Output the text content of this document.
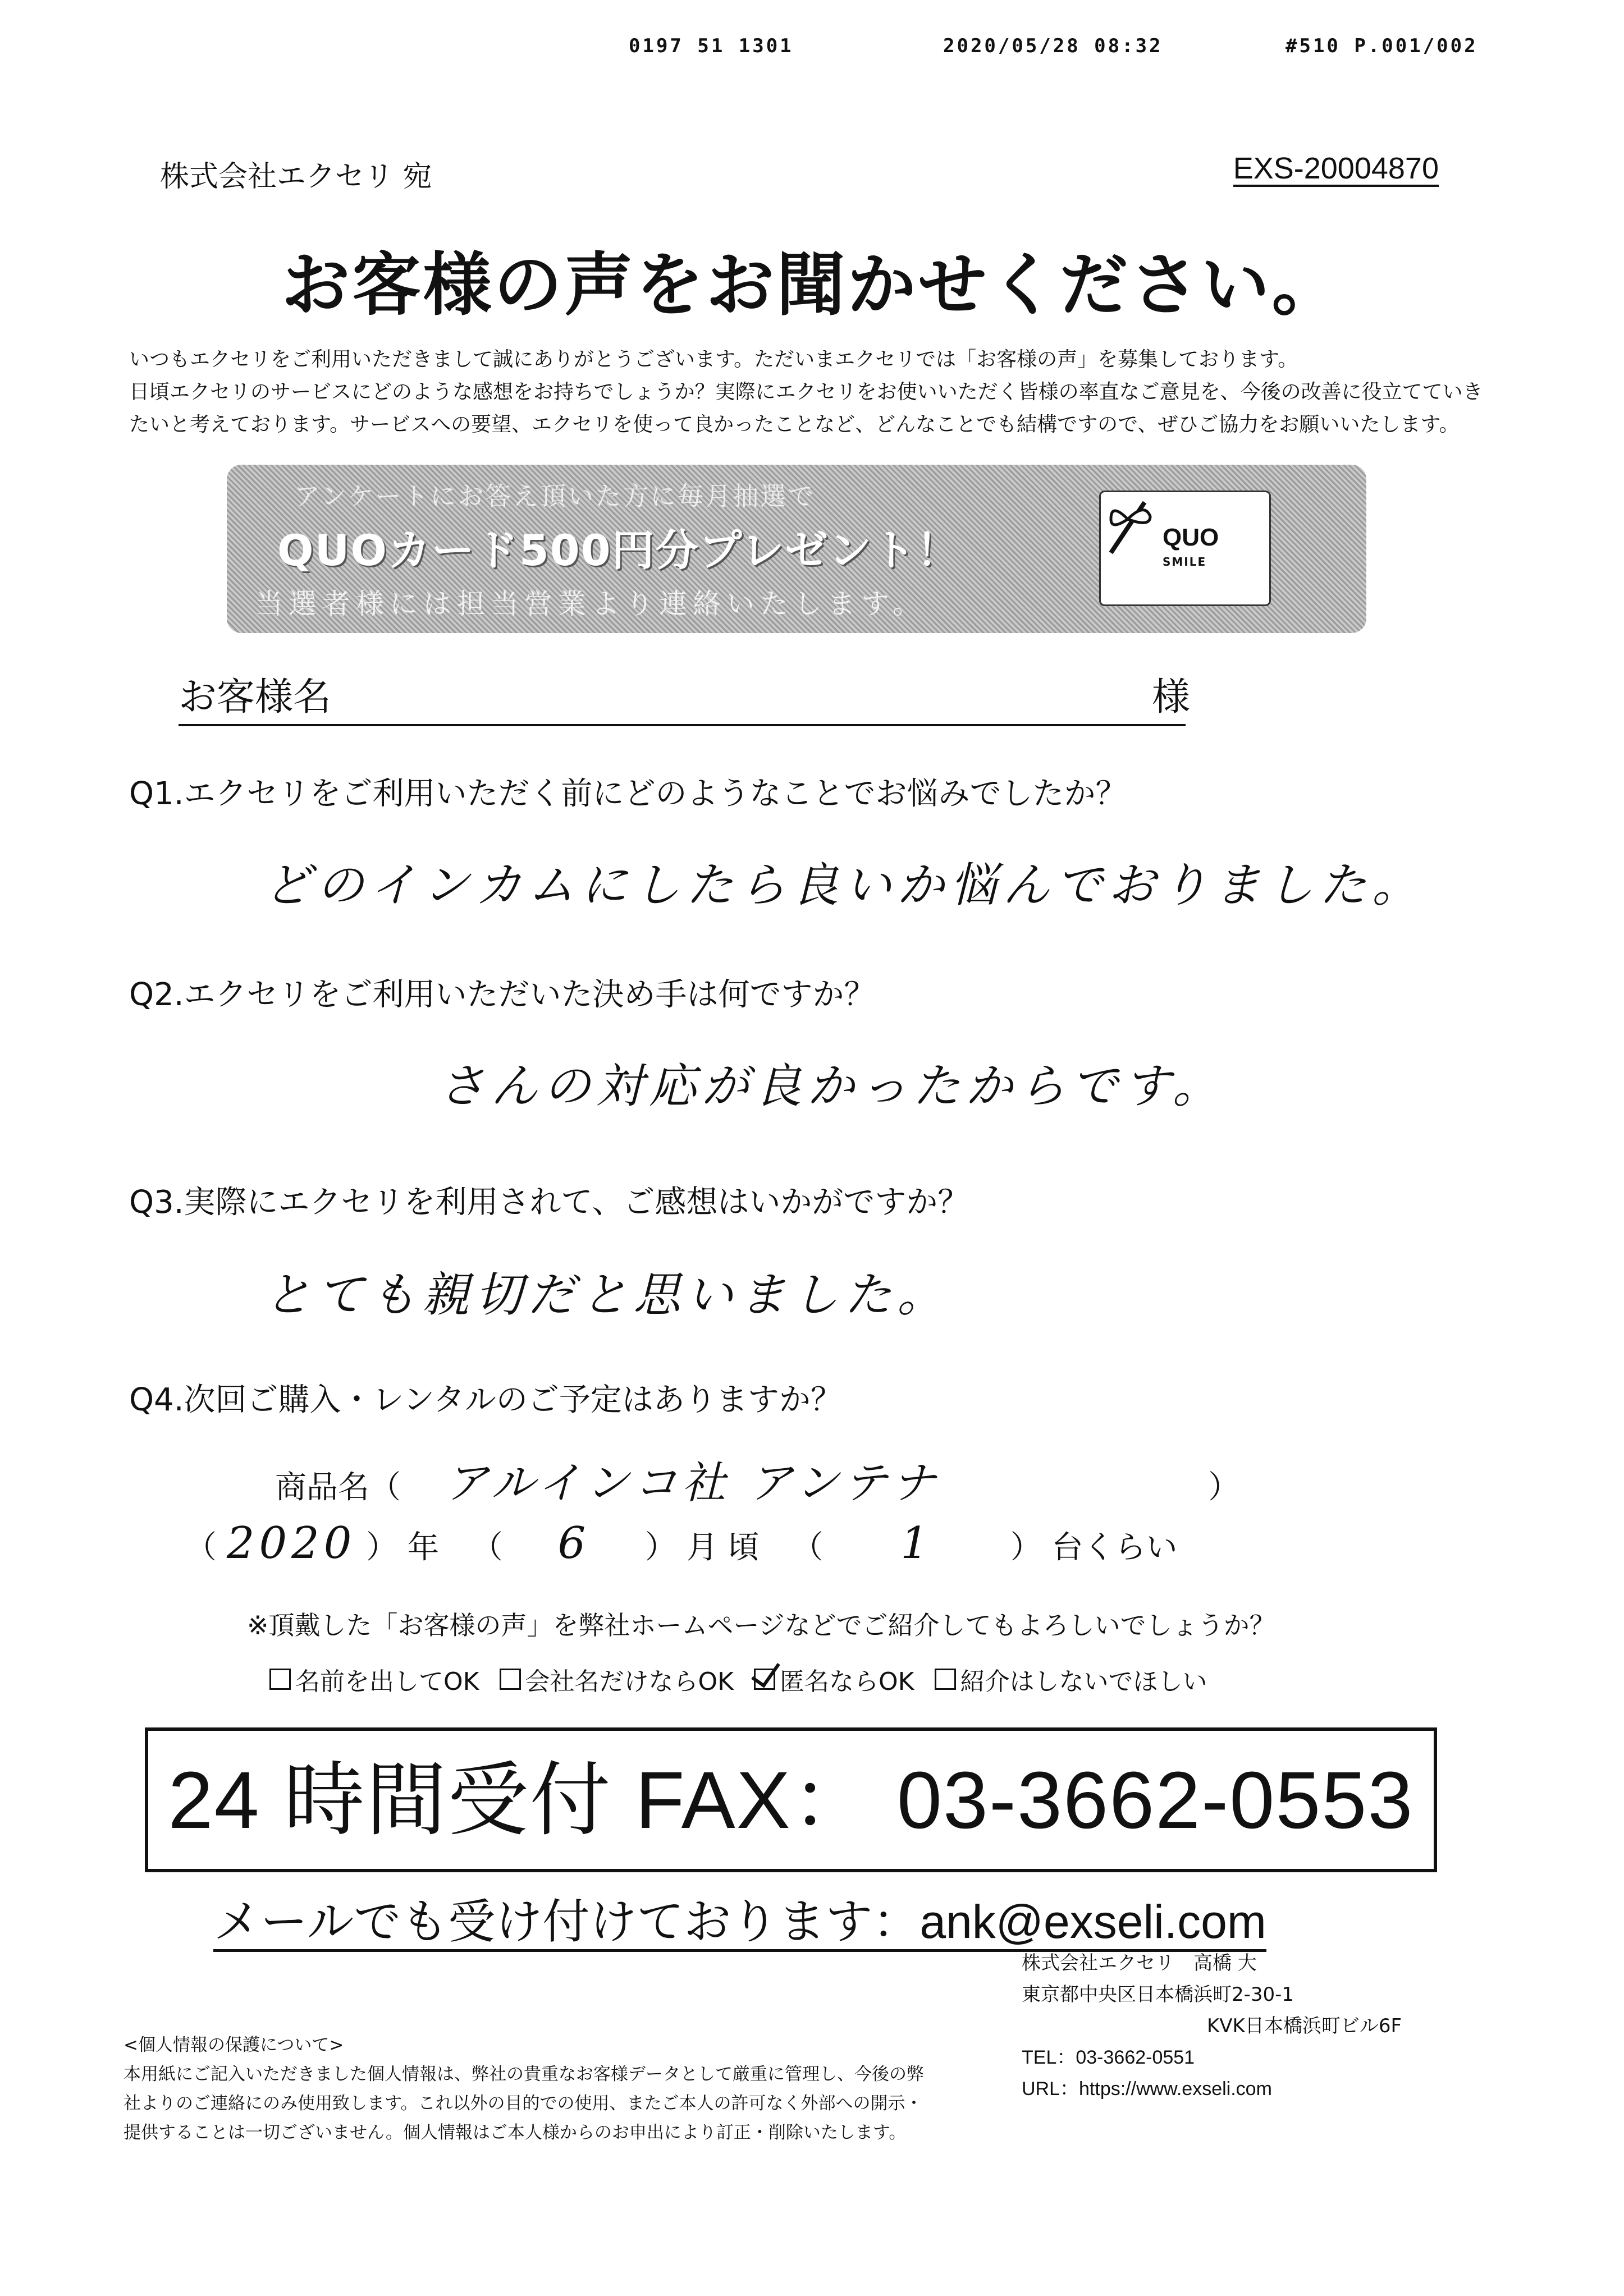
0197 51 1301	2020/05/28 08:32	#510 P.001/002
株式会社エクセリ 宛	EXS-20004870
お客様の声をお聞かせください。

いつもエクセリをご利用いただきまして誠にありがとうございます。ただいまエクセリでは「お客様の声」を募集しております。

日頃エクセリのサービスにどのような感想をお持ちでしょうか？実際にエクセリをお使いいただく皆様の率直なご意見を、今後の改善に役立てていきたいと考えております。サービスへの要望、エクセリを使って良かったことなど、どんなことでも結構ですので、ぜひご協力をお願いいたします。

アンケートにお答え頂いた方に毎月抽選で
QUOカード500円分プレゼント！
当選者様には担当営業より連絡いたします。
QUO
SMILE
お客様名	様
Q1.エクセリをご利用いただく前にどのようなことでお悩みでしたか？
どのインカムにしたら良いか悩んでおりました。
Q2.エクセリをご利用いただいた決め手は何ですか？
さんの対応が良かったからです。
Q3.実際にエクセリを利用されて、ご感想はいかがですか？
とても親切だと思いました。
Q4.次回ご購入・レンタルのご予定はありますか？
商品名（ アルインコ社 アンテナ	）
（ 2020 ） 年 （ 6 ） 月 頃 （ 1 ） 台くらい
※頂戴した「お客様の声」を弊社ホームページなどでご紹介してもよろしいでしょうか？
名前を出してOK 会社名だけならOK 匿名ならOK 紹介はしないでほしい
24 時間受付 FAX： 03-3662-0553
メールでも受け付けております：ank@exseli.com

<個人情報の保護について>

本用紙にご記入いただきました個人情報は、弊社の貴重なお客様データとして厳重に管理し、今後の弊

社よりのご連絡にのみ使用致します。これ以外の目的での使用、またご本人の許可なく外部への開示・

提供することは一切ございません。個人情報はご本人様からのお申出により訂正・削除いたします。

株式会社エクセリ　高橋 大

東京都中央区日本橋浜町2-30-1

KVK日本橋浜町ビル6F

TEL：03-3662-0551

URL：https://www.exseli.com
